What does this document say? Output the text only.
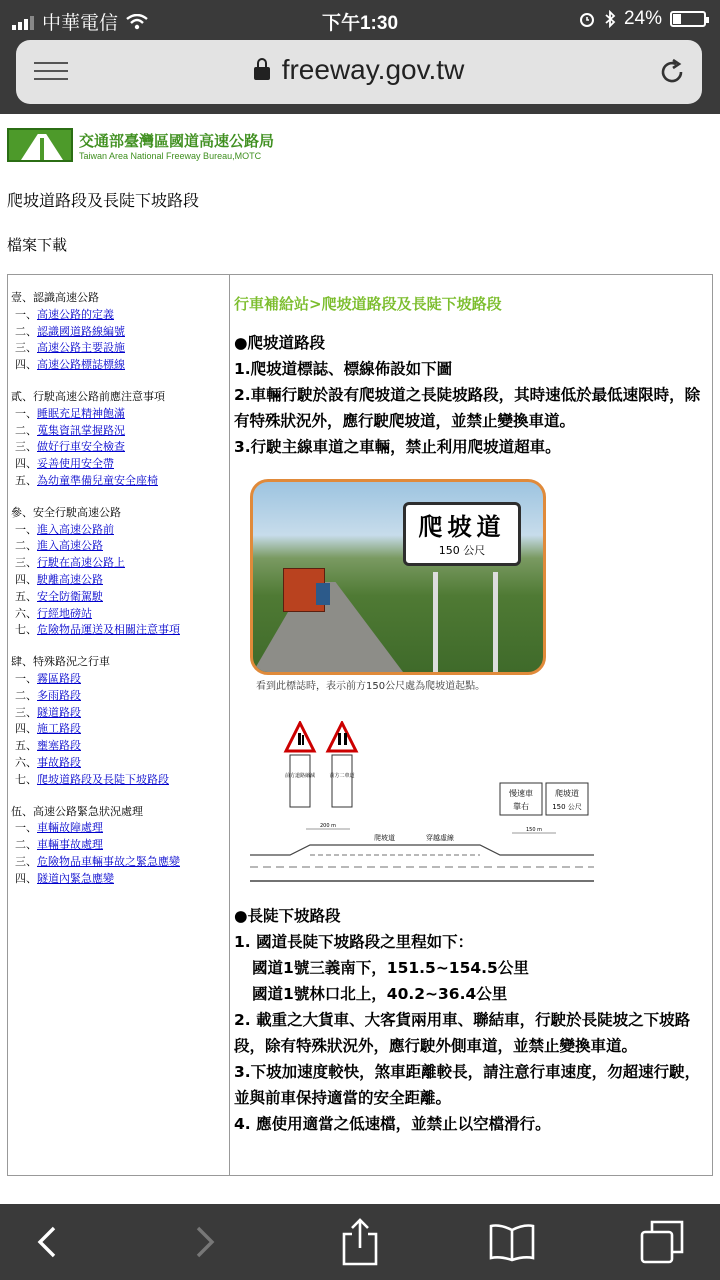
中華電信	下午1:30	24%
freeway.gov.tw
交通部臺灣區國道高速公路局
Taiwan Area National Freeway Bureau,MOTC
爬坡道路段及長陡下坡路段
檔案下載
壹、認識高速公路
一、高速公路的定義
二、認識國道路線編號
三、高速公路主要設施
四、高速公路標誌標線
貳、行駛高速公路前應注意事項
一、睡眠充足精神飽滿
二、蒐集資訊掌握路況
三、做好行車安全檢查
四、妥善使用安全帶
五、為幼童準備兒童安全座椅
參、安全行駛高速公路
一、進入高速公路前
二、進入高速公路
三、行駛在高速公路上
四、駛離高速公路
五、安全防衛駕駛
六、行經地磅站
七、危險物品運送及相關注意事項
肆、特殊路況之行車
一、霧區路段
二、多雨路段
三、隧道路段
四、施工路段
五、壅塞路段
六、事故路段
七、爬坡道路段及長陡下坡路段
伍、高速公路緊急狀況處理
一、車輛故障處理
二、車輛事故處理
三、危險物品車輛事故之緊急應變
四、隧道內緊急應變
行車補給站>爬坡道路段及長陡下坡路段

●爬坡道路段

1.爬坡道標誌、標線佈設如下圖

2.車輛行駛於設有爬坡道之長陡坡路段，其時速低於最低速限時，除有特殊狀況外，應行駛爬坡道，並禁止變換車道。

3.行駛主線車道之車輛，禁止利用爬坡道超車。

爬坡道
150 公尺
看到此標誌時，表示前方150公尺處為爬坡道起點。
前方道路縮減	前方二車道
慢速車
靠右
爬坡道
150 公尺
200 m
150 m
爬坡道	穿越虛線

●長陡下坡路段

1. 國道長陡下坡路段之里程如下：

國道1號三義南下，151.5~154.5公里

國道1號林口北上，40.2~36.4公里

2. 載重之大貨車、大客貨兩用車、聯結車，行駛於長陡坡之下坡路段，除有特殊狀況外，應行駛外側車道，並禁止變換車道。

3.下坡加速度較快，煞車距離較長，請注意行車速度，勿超速行駛，並與前車保持適當的安全距離。

4. 應使用適當之低速檔，並禁止以空檔滑行。
